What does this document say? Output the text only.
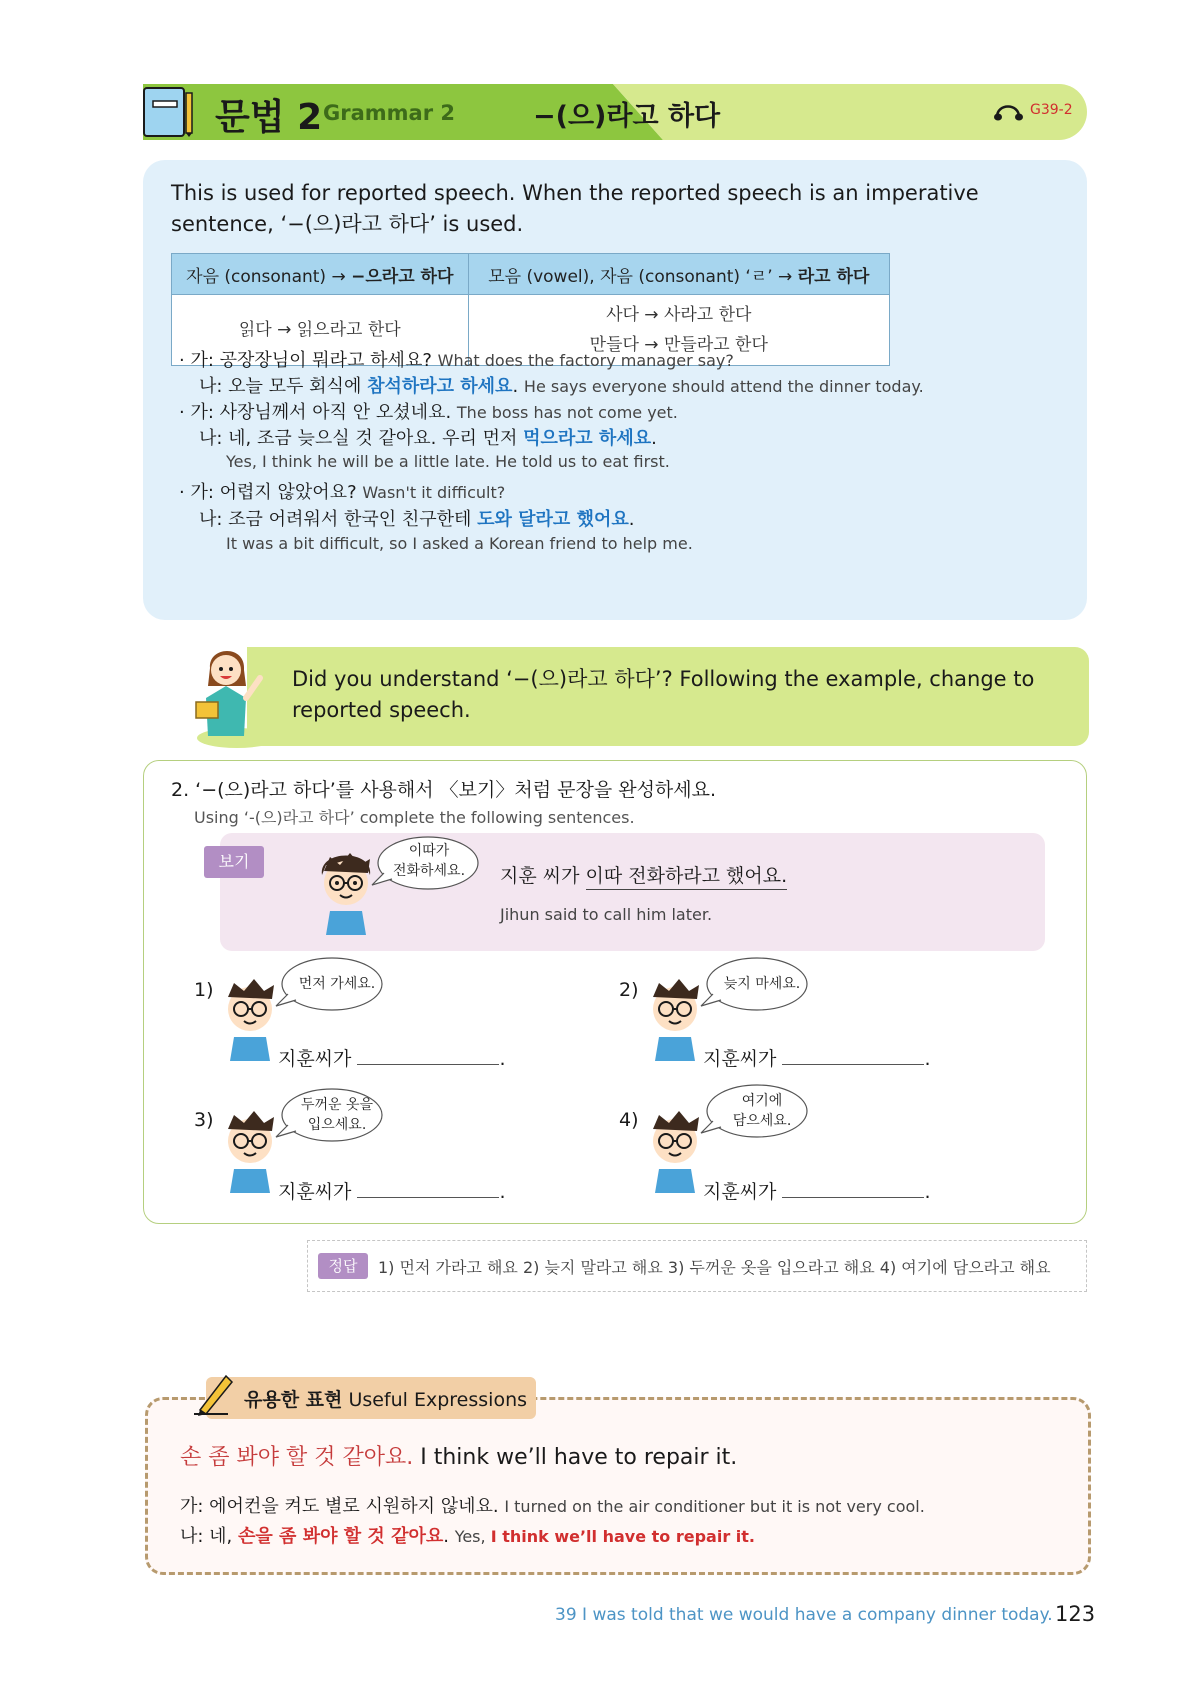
문법 2 Grammar 2	−(으)라고 하다	G39-2
This is used for reported speech. When the reported speech is an imperative sentence, ‘−(으)라고 하다’ is used.
자음 (consonant) → −으라고 하다	모음 (vowel), 자음 (consonant) ‘ㄹ’ → 라고 하다
읽다 → 읽으라고 한다	사다 → 사라고 한다
만들다 → 만들라고 한다
· 가: 공장장님이 뭐라고 하세요? What does the factory manager say?
나: 오늘 모두 회식에 참석하라고 하세요. He says everyone should attend the dinner today.
· 가: 사장님께서 아직 안 오셨네요. The boss has not come yet.
나: 네, 조금 늦으실 것 같아요. 우리 먼저 먹으라고 하세요.
Yes, I think he will be a little late. He told us to eat first.
· 가: 어렵지 않았어요? Wasn't it difficult?
나: 조금 어려워서 한국인 친구한테 도와 달라고 했어요.
It was a bit difficult, so I asked a Korean friend to help me.
Did you understand ‘−(으)라고 하다’? Following the example, change to reported speech.
2. ‘−(으)라고 하다’를 사용해서 〈보기〉처럼 문장을 완성하세요.
Using ‘-(으)라고 하다’ complete the following sentences.
이따가
전화하세요.	지훈 씨가 이따 전화하라고 했어요.
Jihun said to call him later.
보기
1)	먼저 가세요.
지훈씨가	.
2)	늦지 마세요.
지훈씨가	.
3)
두꺼운 옷을
입으세요.
지훈씨가	.
4)
여기에
담으세요.
지훈씨가	.
정답	1) 먼저 가라고 해요 2) 늦지 말라고 해요 3) 두꺼운 옷을 입으라고 해요 4) 여기에 담으라고 해요
손 좀 봐야 할 것 같아요. I think we’ll have to repair it.
가: 에어컨을 켜도 별로 시원하지 않네요. I turned on the air conditioner but it is not very cool.
나: 네, 손을 좀 봐야 할 것 같아요. Yes, I think we’ll have to repair it.
유용한 표현 Useful Expressions
39 I was told that we would have a company dinner today. 123
